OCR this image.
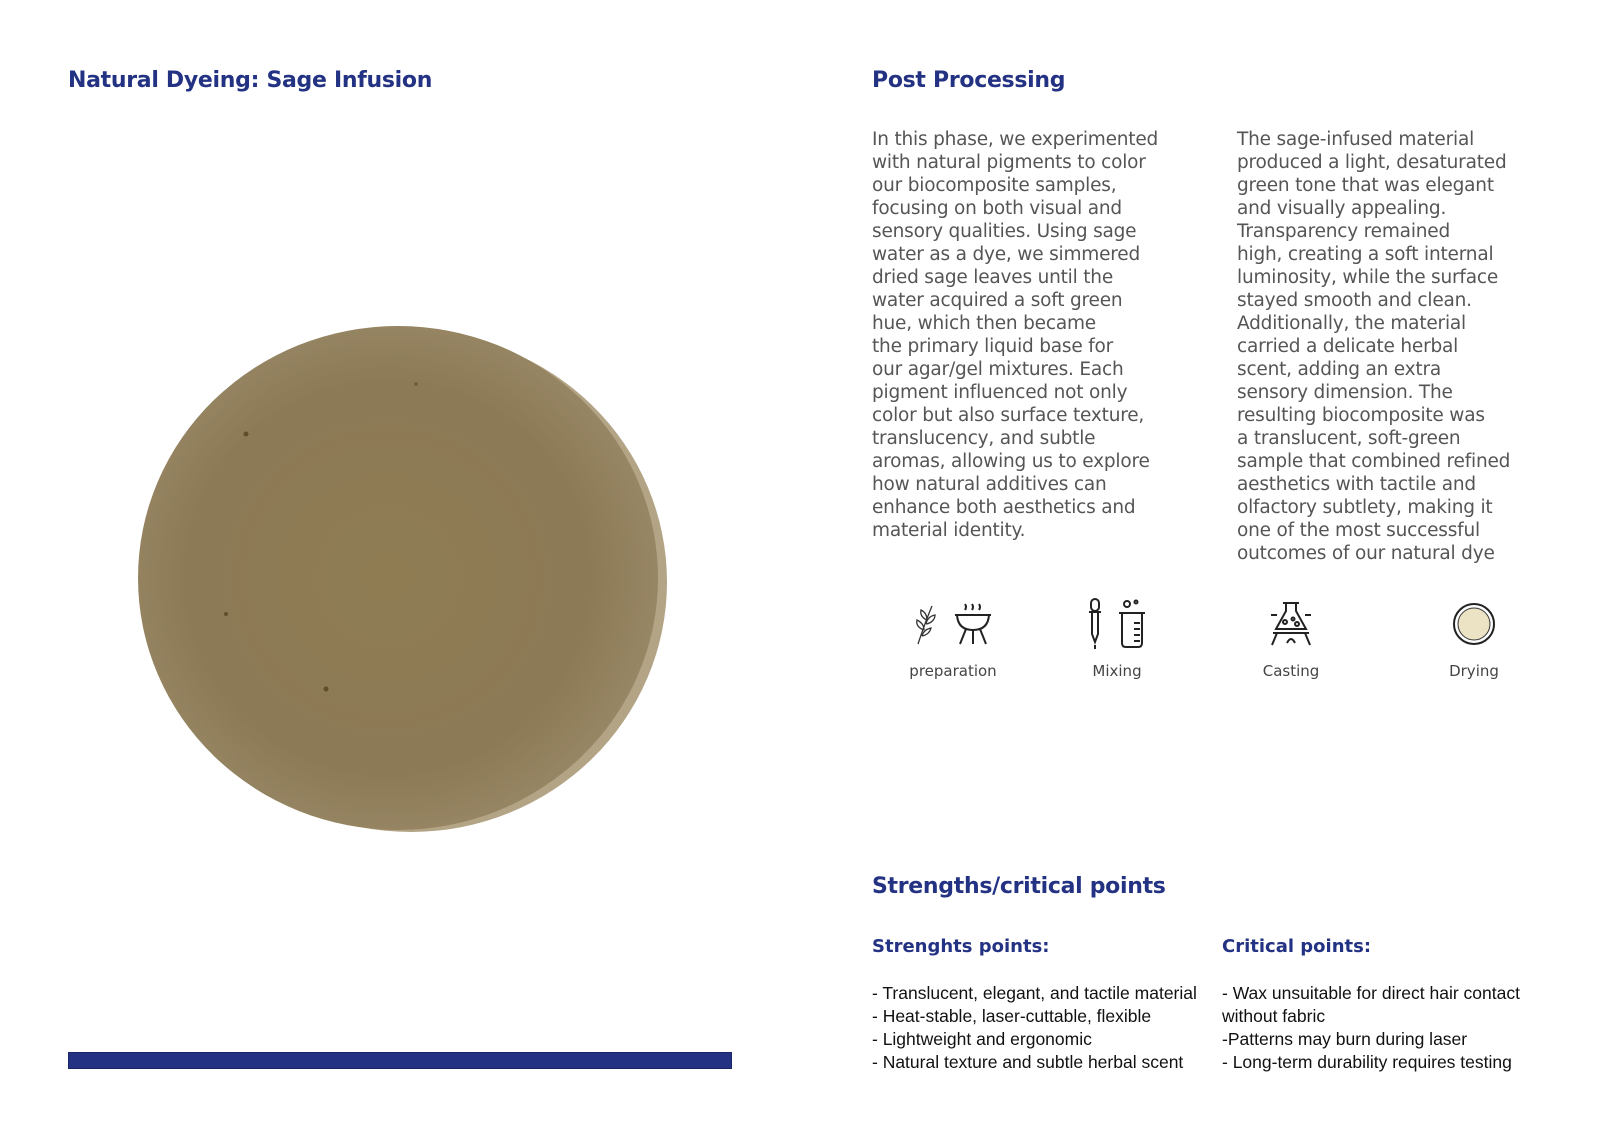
Natural Dyeing: Sage Infusion	Post Processing

In this phase, we experimented
with natural pigments to color
our biocomposite samples,
focusing on both visual and
sensory qualities. Using sage
water as a dye, we simmered
dried sage leaves until the
water acquired a soft green
hue, which then became
the primary liquid base for
our agar/gel mixtures. Each
pigment influenced not only
color but also surface texture,
translucency, and subtle
aromas, allowing us to explore
how natural additives can
enhance both aesthetics and
material identity.

The sage-infused material
produced a light, desaturated
green tone that was elegant
and visually appealing.
Transparency remained
high, creating a soft internal
luminosity, while the surface
stayed smooth and clean.
Additionally, the material
carried a delicate herbal
scent, adding an extra
sensory dimension. The
resulting biocomposite was
a translucent, soft-green
sample that combined refined
aesthetics with tactile and
olfactory subtlety, making it
one of the most successful
outcomes of our natural dye

preparation	Mixing	Casting	Drying
Strengths/critical points
Strenghts points:	Critical points:
- Translucent, elegant, and tactile material
- Heat-stable, laser-cuttable, flexible
- Lightweight and ergonomic
- Natural texture and subtle herbal scent
- Wax unsuitable for direct hair contact
without fabric
-Patterns may burn during laser
- Long-term durability requires testing
